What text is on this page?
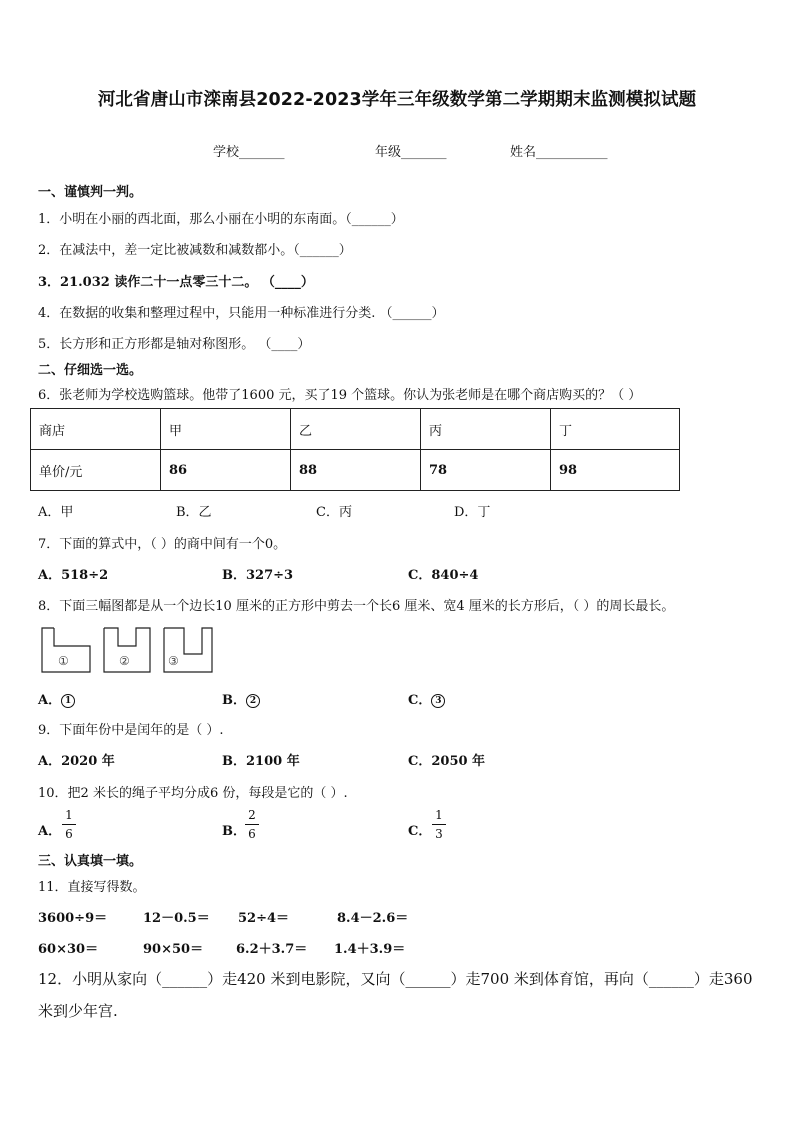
河北省唐山市滦南县2022-2023学年三年级数学第二学期期末监测模拟试题
学校_______	年级_______	姓名___________
一、谨慎判一判。
1．小明在小丽的西北面，那么小丽在小明的东南面。（______）
2．在减法中，差一定比被减数和减数都小。（______）
3．21.032 读作二十一点零三十二。 （____）
4．在数据的收集和整理过程中，只能用一种标准进行分类. （______）
5．长方形和正方形都是轴对称图形。 （____）
二、仔细选一选。
6．张老师为学校选购篮球。他带了1600 元，买了19 个篮球。你认为张老师是在哪个商店购买的？（ ）
商店	甲	乙	丙	丁
单价/元	86	88	78	98
A．甲	B．乙	C．丙	D．丁
7．下面的算式中，（ ）的商中间有一个0。
A．518÷2	B．327÷3	C．840÷4
8．下面三幅图都是从一个边长10 厘米的正方形中剪去一个长6 厘米、宽4 厘米的长方形后，（ ）的周长最长。
①	②	③
A． 1	B． 2	C． 3
9．下面年份中是闰年的是（ ）.
A．2020 年	B．2100 年	C．2050 年
10．把2 米长的绳子平均分成6 份，每段是它的（ ）.
A．
1
6	B．
2
6	C．
1
3
三、认真填一填。
11．直接写得数。
3600÷9＝	12－0.5＝ 52÷4＝	8.4－2.6＝
60×30＝	90×50＝	6.2＋3.7＝ 1.4＋3.9＝
12．小明从家向（______）走420 米到电影院，又向（______）走700 米到体育馆，再向（______）走360
米到少年宫.
